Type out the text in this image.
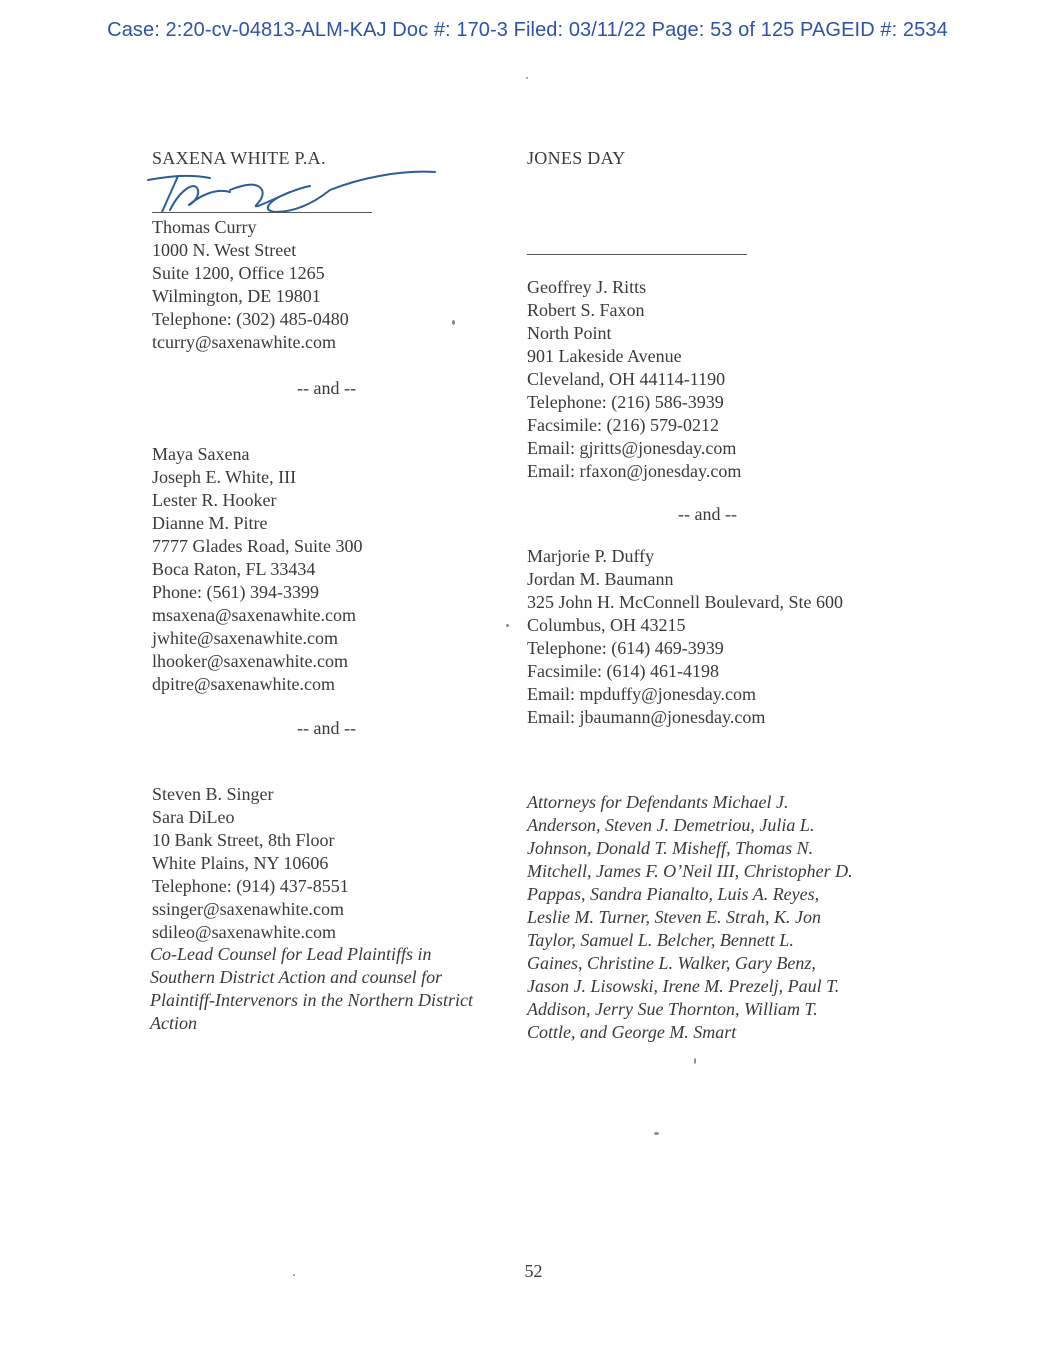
Case: 2:20-cv-04813-ALM-KAJ Doc #: 170-3 Filed: 03/11/22 Page: 53 of 125 PAGEID #: 2534
SAXENA WHITE P.A.
Thomas Curry
1000 N. West Street
Suite 1200, Office 1265
Wilmington, DE 19801
Telephone: (302) 485-0480
tcurry@saxenawhite.com
-- and --
Maya Saxena
Joseph E. White, III
Lester R. Hooker
Dianne M. Pitre
7777 Glades Road, Suite 300
Boca Raton, FL 33434
Phone: (561) 394-3399
msaxena@saxenawhite.com
jwhite@saxenawhite.com
lhooker@saxenawhite.com
dpitre@saxenawhite.com
-- and --
Steven B. Singer
Sara DiLeo
10 Bank Street, 8th Floor
White Plains, NY 10606
Telephone: (914) 437-8551
ssinger@saxenawhite.com
sdileo@saxenawhite.com
Co-Lead Counsel for Lead Plaintiffs in
Southern District Action and counsel for
Plaintiff-Intervenors in the Northern District
Action
JONES DAY
Geoffrey J. Ritts
Robert S. Faxon
North Point
901 Lakeside Avenue
Cleveland, OH 44114-1190
Telephone: (216) 586-3939
Facsimile: (216) 579-0212
Email: gjritts@jonesday.com
Email: rfaxon@jonesday.com
-- and --
Marjorie P. Duffy
Jordan M. Baumann
325 John H. McConnell Boulevard, Ste 600
Columbus, OH 43215
Telephone: (614) 469-3939
Facsimile: (614) 461-4198
Email: mpduffy@jonesday.com
Email: jbaumann@jonesday.com
Attorneys for Defendants Michael J.
Anderson, Steven J. Demetriou, Julia L.
Johnson, Donald T. Misheff, Thomas N.
Mitchell, James F. O’Neil III, Christopher D.
Pappas, Sandra Pianalto, Luis A. Reyes,
Leslie M. Turner, Steven E. Strah, K. Jon
Taylor, Samuel L. Belcher, Bennett L.
Gaines, Christine L. Walker, Gary Benz,
Jason J. Lisowski, Irene M. Prezelj, Paul T.
Addison, Jerry Sue Thornton, William T.
Cottle, and George M. Smart
52
